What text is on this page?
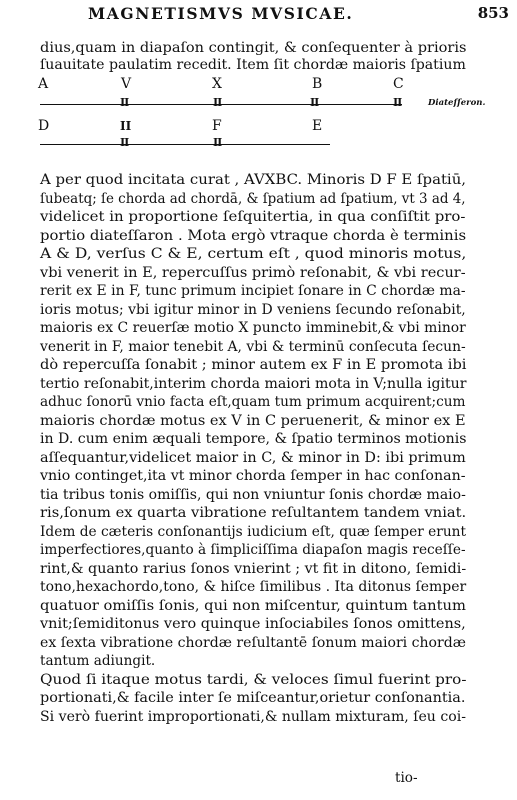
MAGNETISMVS MVSICAE.	853
dius,quam in diapaſon contingit, & conſequenter à prioris
ſuauitate paulatim recedit. Item ſit chordæ maioris ſpatium
A	V	X	B	C
II	II	II	II	Diateſſeron.
D	II	F	E
II	II
A per quod incitata curat , AVXBC. Minoris D F E ſpatiū,
ſubeatq; ſe chorda ad chordā, & ſpatium ad ſpatium, vt 3 ad 4,
videlicet in proportione ſeſquitertia, in qua conſiſtit pro-
portio diateſſaron . Mota ergò vtraque chorda è terminis
A & D, verſus C & E, certum eſt , quod minoris motus,
vbi venerit in E, repercuſſus primò reſonabit, & vbi recur-
rerit ex E in F, tunc primum incipiet ſonare in C chordæ ma-
ioris motus; vbi igitur minor in D veniens ſecundo reſonabit,
maioris ex C reuerſæ motio X puncto imminebit,& vbi minor
venerit in F, maior tenebit A, vbi & terminū conſecuta ſecun-
dò repercuſſa ſonabit ; minor autem ex F in E promota ibi
tertio reſonabit,interim chorda maiori mota in V;nulla igitur
adhuc ſonorū vnio facta eſt,quam tum primum acquirent;cum
maioris chordæ motus ex V in C peruenerit, & minor ex E
in D. cum enim æquali tempore, & ſpatio terminos motionis
aſſequantur,videlicet maior in C, & minor in D: ibi primum
vnio continget,ita vt minor chorda ſemper in hac conſonan-
tia tribus tonis omiſſis, qui non vniuntur ſonis chordæ maio-
ris,ſonum ex quarta vibratione reſultantem tandem vniat.
Idem de cæteris conſonantijs iudicium eſt, quæ ſemper erunt
imperfectiores,quanto à ſimpliciſſima diapaſon magis receſſe-
rint,& quanto rarius ſonos vnierint ; vt fit in ditono, ſemidi-
tono,hexachordo,tono, & hiſce ſimilibus . Ita ditonus ſemper
quatuor omiſſis ſonis, qui non miſcentur, quintum tantum
vnit;ſemiditonus vero quinque inſociabiles ſonos omittens,
ex ſexta vibratione chordæ reſultantē ſonum maiori chordæ
tantum adiungit.
Quod ſi itaque motus tardi, & veloces ſimul fuerint pro-
portionati,& facile inter ſe miſceantur,orietur conſonantia.
Si verò fuerint improportionati,& nullam mixturam, ſeu coi-
tio-
